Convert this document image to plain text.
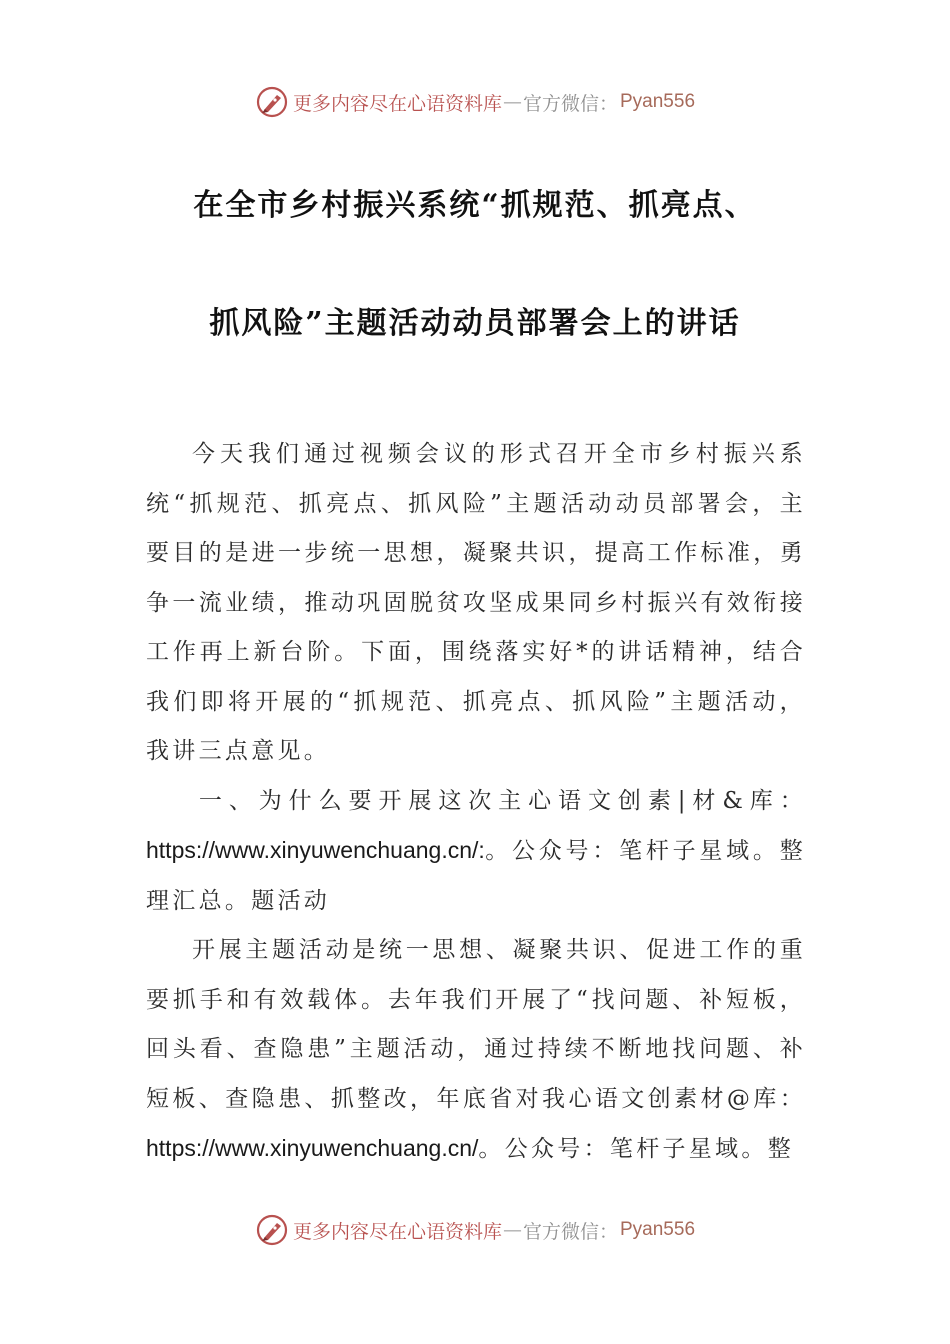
更多内容尽在心语资料库 — 官方微信： Pyan556
在全市乡村振兴系统“抓规范、抓亮点、
抓风险”主题活动动员部署会上的讲话

今天我们通过视频会议的形式召开全市乡村振兴系统“抓规范、抓亮点、抓风险”主题活动动员部署会，主要目的是进一步统一思想，凝聚共识，提高工作标准，勇争一流业绩，推动巩固脱贫攻坚成果同乡村振兴有效衔接工作再上新台阶。下面，围绕落实好*的讲话精神，结合我们即将开展的“抓规范、抓亮点、抓风险”主题活动，我讲三点意见。

一、为什么要开展这次主心语文创素|材&库：https://www.xinyuwenchuang.cn/:。公众号：笔杆子星域。整理汇总。题活动

开展主题活动是统一思想、凝聚共识、促进工作的重要抓手和有效载体。去年我们开展了“找问题、补短板，回头看、查隐患”主题活动，通过持续不断地找问题、补短板、查隐患、抓整改，年底省对我心语文创素材@库：https://www.xinyuwenchuang.cn/。公众号：笔杆子星域。整

更多内容尽在心语资料库 — 官方微信： Pyan556
